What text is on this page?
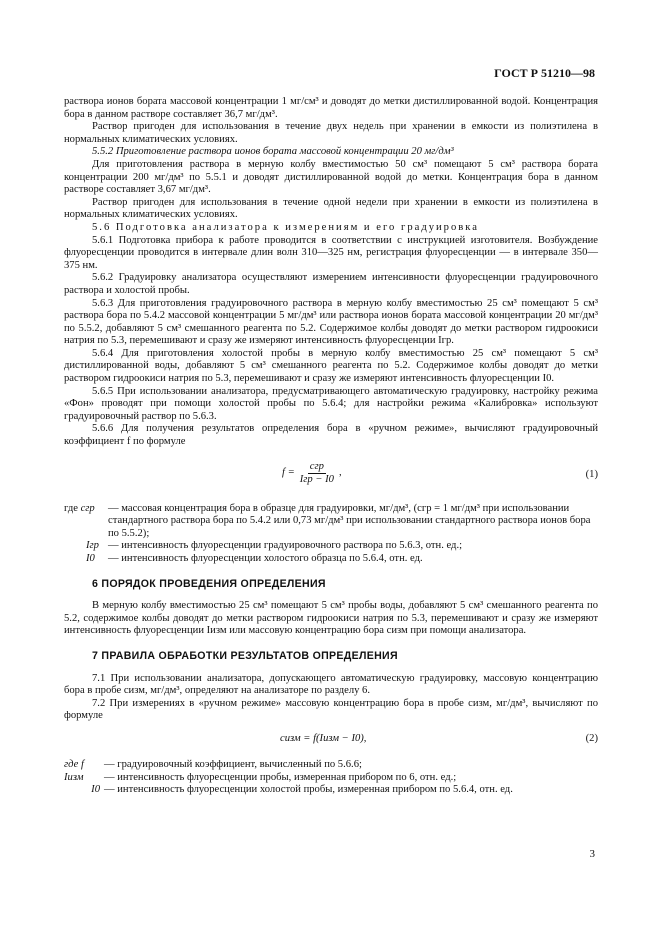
ГОСТ Р 51210—98

раствора ионов бората массовой концентрации 1 мг/см³ и доводят до метки дистиллированной водой. Концентрация бора в данном растворе составляет 36,7 мг/дм³.

Раствор пригоден для использования в течение двух недель при хранении в емкости из полиэтилена в нормальных климатических условиях.

5.5.2 Приготовление раствора ионов бората массовой концентрации 20 мг/дм³

Для приготовления раствора в мерную колбу вместимостью 50 см³ помещают 5 см³ раствора бората концентрации 200 мг/дм³ по 5.5.1 и доводят дистиллированной водой до метки. Концентрация бора в данном растворе составляет 3,67 мг/дм³.

Раствор пригоден для использования в течение одной недели при хранении в емкости из полиэтилена в нормальных климатических условиях.

5.6 Подготовка анализатора к измерениям и его градуировка

5.6.1 Подготовка прибора к работе проводится в соответствии с инструкцией изготовителя. Возбуждение флуоресценции проводится в интервале длин волн 310—325 нм, регистрация флуоресценции — в интервале 350—375 нм.

5.6.2 Градуировку анализатора осуществляют измерением интенсивности флуоресценции градуировочного раствора и холостой пробы.

5.6.3 Для приготовления градуировочного раствора в мерную колбу вместимостью 25 см³ помещают 5 см³ раствора бора по 5.4.2 массовой концентрации 5 мг/дм³ или раствора ионов бората массовой концентрации 20 мг/дм³ по 5.5.2, добавляют 5 см³ смешанного реагента по 5.2. Содержимое колбы доводят до метки раствором гидроокиси натрия по 5.3, перемешивают и сразу же измеряют интенсивность флуоресценции Iгр.

5.6.4 Для приготовления холостой пробы в мерную колбу вместимостью 25 см³ помещают 5 см³ дистиллированной воды, добавляют 5 см³ смешанного реагента по 5.2. Содержимое колбы доводят до метки раствором гидроокиси натрия по 5.3, перемешивают и сразу же измеряют интенсивность флуоресценции I0.

5.6.5 При использовании анализатора, предусматривающего автоматическую градуировку, настройку режима «Фон» проводят при помощи холостой пробы по 5.6.4; для настройки режима «Калибровка» используют градуировочный раствор по 5.6.3.

5.6.6 Для получения результатов определения бора в «ручном режиме», вычисляют градуировочный коэффициент f по формуле

$f = \frac{\text{cгр}}{\text{Iгр − I0}}$ ,	(1)
где cгр	— массовая концентрация бора в образце для градуировки, мг/дм³, (cгр = 1 мг/дм³ при использовании стандартного раствора бора по 5.4.2 или 0,73 мг/дм³ при использовании стандартного раствора ионов бора по 5.5.2);
Iгр — интенсивность флуоресценции градуировочного раствора по 5.6.3, отн. ед.;
I0	— интенсивность флуоресценции холостого образца по 5.6.4, отн. ед.
6 ПОРЯДОК ПРОВЕДЕНИЯ ОПРЕДЕЛЕНИЯ

В мерную колбу вместимостью 25 см³ помещают 5 см³ пробы воды, добавляют 5 см³ смешанного реагента по 5.2, содержимое колбы доводят до метки раствором гидроокиси натрия по 5.3, перемешивают и сразу же измеряют интенсивность флуоресценции Iизм или массовую концентрацию бора cизм при помощи анализатора.

7 ПРАВИЛА ОБРАБОТКИ РЕЗУЛЬТАТОВ ОПРЕДЕЛЕНИЯ

7.1 При использовании анализатора, допускающего автоматическую градуировку, массовую концентрацию бора в пробе cизм, мг/дм³, определяют на анализаторе по разделу 6.

7.2 При измерениях в «ручном режиме» массовую концентрацию бора в пробе cизм, мг/дм³, вычисляют по формуле

cизм = f(Iизм − I0),	(2)
где f	— градуировочный коэффициент, вычисленный по 5.6.6;
Iизм	— интенсивность флуоресценции пробы, измеренная прибором по 6, отн. ед.;
I0 — интенсивность флуоресценции холостой пробы, измеренная прибором по 5.6.4, отн. ед.
3
